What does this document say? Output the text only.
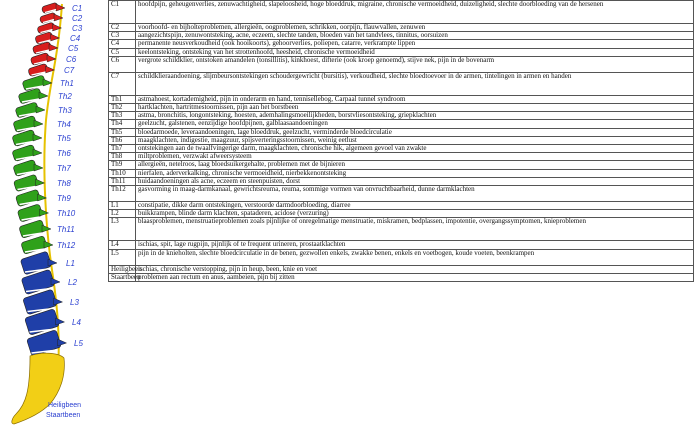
C1
C2
C3
C4
C5
C6
C7
Th1
Th2
Th3
Th4
Th5
Th6
Th7
Th8
Th9
Th10
Th11
Th12
L1
L2
L3
L4
L5
Heiligbeen
Staartbeen
C1	hoofdpijn, geheugenverlies, zenuwachtigheid, slapeloosheid, hoge bloeddruk, migraine, chronische vermoeidheid, duizeligheid, slechte doorbloeding van de hersenen
C2	voorhoofd- en bijholteproblemen, allergieën, oogproblemen, schrikken, oorpijn, flauwvallen, zenuwen
C3	aangezichtspijn, zenuwontsteking, acne, eczeem, slechte tanden, bloeden van het tandvlees, tinnitus, oorsuizen
C4	permanente neusverkoudheid (ook hooikoorts), gehoorverlies, poliepen, catarre, verkrampte lippen
C5	keelontsteking, ontsteking van het strottenhoofd, heesheid, chronische vermoeidheid
C6	vergrote schildklier, ontstoken amandelen (tonsillitis), kinkhoest, difterie (ook kroep genoemd), stijve nek, pijn in de bovenarm
C7	schildklieraandoening, slijmbeursontstekingen schoudergewricht (bursitis), verkoudheid, slechte bloedtoevoer in de armen, tintelingen in armen en handen
Th1	astmahoest, kortademigheid, pijn in onderarm en hand, tennisellebog, Carpaal tunnel syndroom
Th2	hartklachten, hartritmestoornissen, pijn aan het borstbeen
Th3	astma, bronchitis, longontsteking, hoesten, ademhalingsmoeilijkheden, borstvliesontsteking, griepklachten
Th4	geelzucht, galstenen, eenzijdige hoofdpijnen, galblaasaandoeningen
Th5	bloedarmoede, leveraandoeningen, lage bloeddruk, geelzucht, verminderde bloedcirculatie
Th6	maagklachten, indigestie, maagzuur, spijsverteringsstoornissen, weinig eetlust
Th7	ontstekingen aan de twaalfvingerige darm, maagklachten, chronische hik, algemeen gevoel van zwakte
Th8	miltproblemen, verzwakt afweersysteem
Th9	allergieën, netelroos, laag bloedsuikergehalte, problemen met de bijnieren
Th10	nierfalen, aderverkalking, chronische vermoeidheid, nierbekkenontsteking
Th11	huidaandoeningen als acne, eczeem en steenpuisten, dorst
Th12	gasvorming in maag-darmkanaal, gewrichtsreuma, reuma, sommige vormen van onvruchtbaarheid, dunne darmklachten
L1	constipatie, dikke darm ontstekingen, verstoorde darmdoorbloeding, diarree
L2	buikkrampen, blinde darm klachten, spataderen, acidose (verzuring)
L3	blaasproblemen, menstruatieproblemen zoals pijnlijke of onregelmatige menstruatie, miskramen, bedplassen, impotentie, overgangssymptomen, knieproblemen
L4	ischias, spit, lage rugpijn, pijnlijk of te frequent urineren, prostaatklachten
L5	pijn in de knieholten, slechte bloedcirculatie in de benen, gezwollen enkels, zwakke benen, enkels en voetbogen, koude voeten, beenkrampen
Heiligbeen	ischias, chronische verstopping, pijn in heup, been, knie en voet
Staartbeen	problemen aan rectum en anus, aambeien, pijn bij zitten
